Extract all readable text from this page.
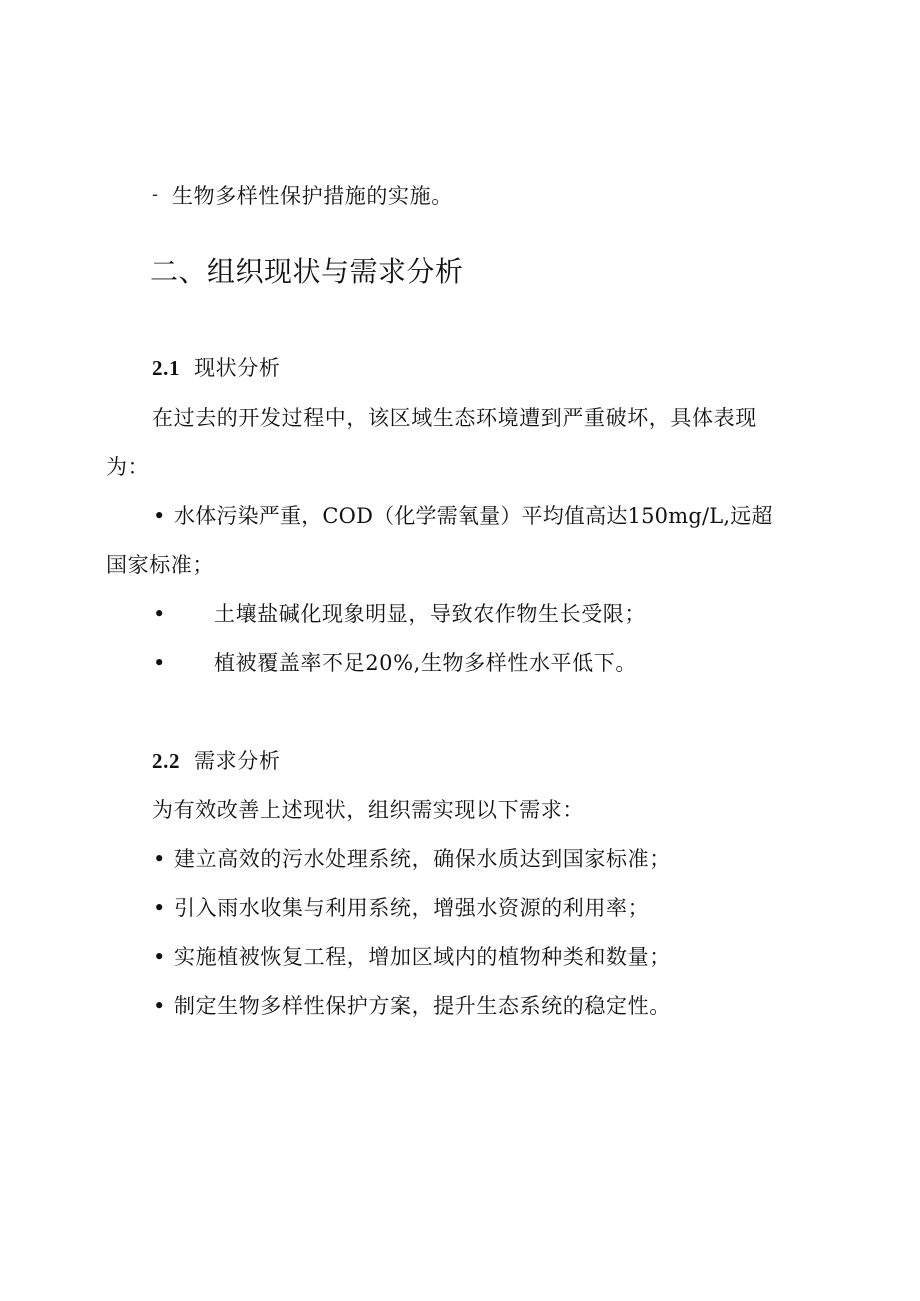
- 生物多样性保护措施的实施。
二、组织现状与需求分析
2.1 现状分析
在过去的开发过程中，该区域生态环境遭到严重破坏，具体表现
为：
• 水体污染严重，COD（化学需氧量）平均值高达150mg/L,远超
国家标准；
• 土壤盐碱化现象明显，导致农作物生长受限；
• 植被覆盖率不足20%,生物多样性水平低下。
2.2 需求分析
为有效改善上述现状，组织需实现以下需求：
• 建立高效的污水处理系统，确保水质达到国家标准；
• 引入雨水收集与利用系统，增强水资源的利用率；
• 实施植被恢复工程，增加区域内的植物种类和数量；
• 制定生物多样性保护方案，提升生态系统的稳定性。
